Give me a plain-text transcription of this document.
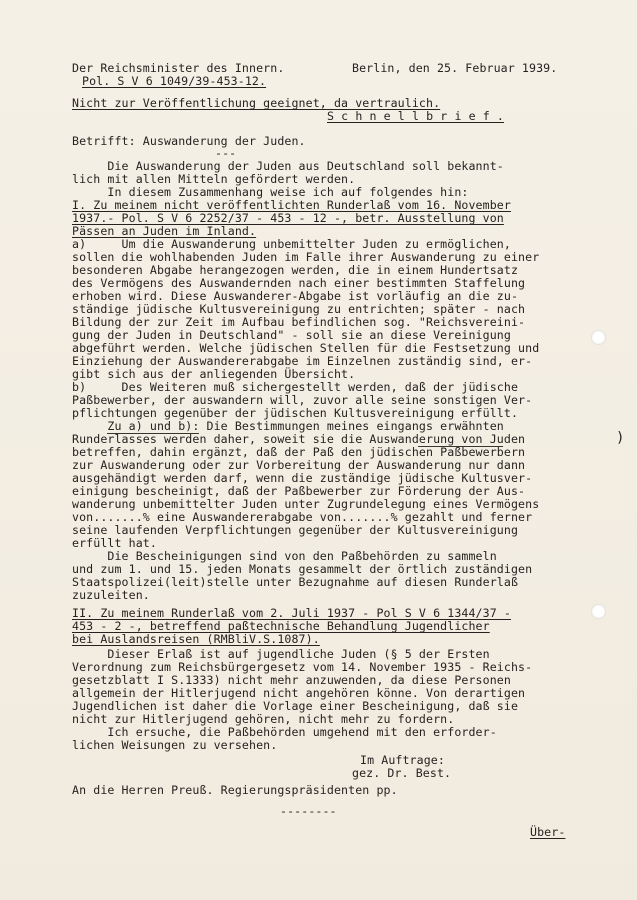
)
Der Reichsminister des Innern.	Berlin, den 25. Februar 1939.
Pol. S V 6 1049/39-453-12.
Nicht zur Veröffentlichung geeignet, da vertraulich.
S c h n e l l b r i e f .
Betrifft: Auswanderung der Juden.
---
Die Auswanderung der Juden aus Deutschland soll bekannt-
lich mit allen Mitteln gefördert werden.
In diesem Zusammenhang weise ich auf folgendes hin:
I. Zu meinem nicht veröffentlichten Runderlaß vom 16. November
1937.- Pol. S V 6 2252/37 - 453 - 12 -, betr. Ausstellung von
Pässen an Juden im Inland.
a)     Um die Auswanderung unbemittelter Juden zu ermöglichen,
sollen die wohlhabenden Juden im Falle ihrer Auswanderung zu einer
besonderen Abgabe herangezogen werden, die in einem Hundertsatz
des Vermögens des Auswandernden nach einer bestimmten Staffelung
erhoben wird. Diese Auswanderer-Abgabe ist vorläufig an die zu-
ständige jüdische Kultusvereinigung zu entrichten; später - nach
Bildung der zur Zeit im Aufbau befindlichen sog. "Reichsvereini-
gung der Juden in Deutschland" - soll sie an diese Vereinigung
abgeführt werden. Welche jüdischen Stellen für die Festsetzung und
Einziehung der Auswandererabgabe im Einzelnen zuständig sind, er-
gibt sich aus der anliegenden Übersicht.
b)     Des Weiteren muß sichergestellt werden, daß der jüdische
Paßbewerber, der auswandern will, zuvor alle seine sonstigen Ver-
pflichtungen gegenüber der jüdischen Kultusvereinigung erfüllt.
Zu a) und b): Die Bestimmungen meines eingangs erwähnten
Runderlasses werden daher, soweit sie die Auswanderung von Juden
betreffen, dahin ergänzt, daß der Paß den jüdischen Paßbewerbern
zur Auswanderung oder zur Vorbereitung der Auswanderung nur dann
ausgehändigt werden darf, wenn die zuständige jüdische Kultusver-
einigung bescheinigt, daß der Paßbewerber zur Förderung der Aus-
wanderung unbemittelter Juden unter Zugrundelegung eines Vermögens
von.......% eine Auswandererabgabe von.......% gezahlt und ferner
seine laufenden Verpflichtungen gegenüber der Kultusvereinigung
erfüllt hat.
Die Bescheinigungen sind von den Paßbehörden zu sammeln
und zum 1. und 15. jeden Monats gesammelt der örtlich zuständigen
Staatspolizei(leit)stelle unter Bezugnahme auf diesen Runderlaß
zuzuleiten.
II. Zu meinem Runderlaß vom 2. Juli 1937 - Pol S V 6 1344/37 -
453 - 2 -, betreffend paßtechnische Behandlung Jugendlicher
bei Auslandsreisen (RMBliV.S.1087).
Dieser Erlaß ist auf jugendliche Juden (§ 5 der Ersten
Verordnung zum Reichsbürgergesetz vom 14. November 1935 - Reichs-
gesetzblatt I S.1333) nicht mehr anzuwenden, da diese Personen
allgemein der Hitlerjugend nicht angehören könne. Von derartigen
Jugendlichen ist daher die Vorlage einer Bescheinigung, daß sie
nicht zur Hitlerjugend gehören, nicht mehr zu fordern.
Ich ersuche, die Paßbehörden umgehend mit den erforder-
lichen Weisungen zu versehen.
Im Auftrage:
gez. Dr. Best.
An die Herren Preuß. Regierungspräsidenten pp.
--------
Über-
